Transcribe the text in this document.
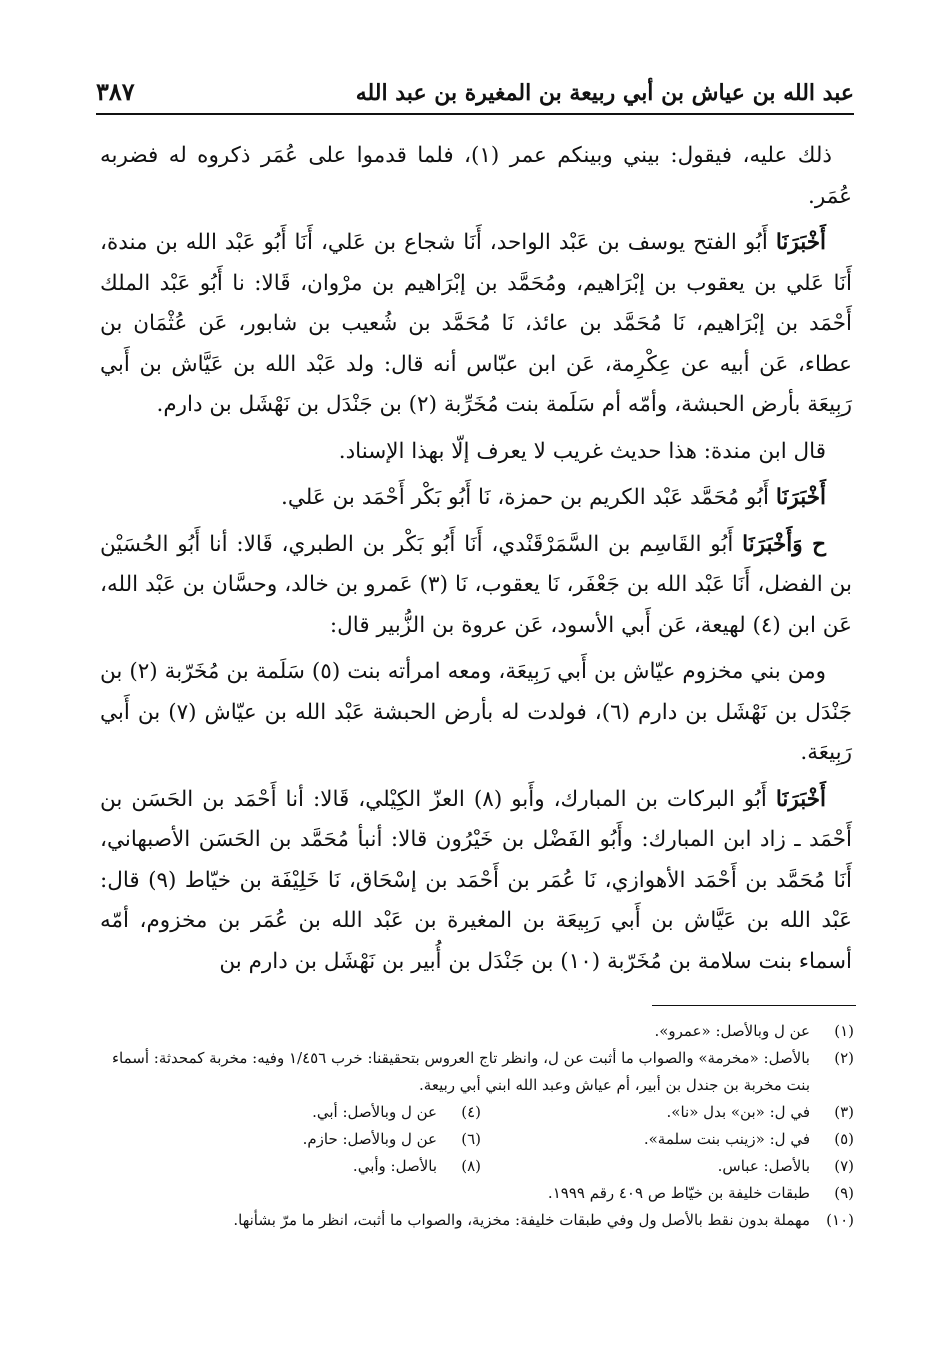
عبد الله بن عياش بن أبي ربيعة بن المغيرة بن عبد الله
٣٨٧

ذلك عليه، فيقول: بيني وبينكم عمر (١)، فلما قدموا على عُمَر ذكروه له فضربه عُمَر.

أَخْبَرَنَا أَبُو الفتح يوسف بن عَبْد الواحد، أَنَا شجاع بن عَلي، أَنَا أَبُو عَبْد الله بن مندة، أَنَا عَلي بن يعقوب بن إبْرَاهيم، ومُحَمَّد بن إبْرَاهيم بن مرْوان، قَالا: نا أَبُو عَبْد الملك أَحْمَد بن إبْرَاهيم، نَا مُحَمَّد بن عائذ، نَا مُحَمَّد بن شُعيب بن شابور، عَن عُثْمَان بن عطاء، عَن أبيه عن عِكْرِمة، عَن ابن عبّاس أنه قال: ولد عَبْد الله بن عَيَّاش بن أَبي رَبِيعَة بأرض الحبشة، وأمّه أم سَلَمة بنت مُخَرِّبة (٢) بن جَنْدَل بن نَهْشَل بن دارم.

قال ابن مندة: هذا حديث غريب لا يعرف إلّا بهذا الإسناد.

أَخْبَرَنَا أَبُو مُحَمَّد عَبْد الكريم بن حمزة، نَا أَبُو بَكْر أَحْمَد بن عَلي.

ح وَأَخْبَرَنَا أَبُو القَاسِم بن السَّمَرْقَنْدي، أَنَا أَبُو بَكْر بن الطبري، قَالا: أنا أَبُو الحُسَيْن بن الفضل، أَنَا عَبْد الله بن جَعْفَر، نَا يعقوب، نَا (٣) عَمرو بن خالد، وحسَّان بن عَبْد الله، عَن ابن (٤) لهيعة، عَن أَبي الأسود، عَن عروة بن الزُّبير قال:

ومن بني مخزوم عيّاش بن أَبي رَبِيعَة، ومعه امرأته بنت (٥) سَلَمة بن مُخَرّبة (٢) بن جَنْدَل بن نَهْشَل بن دارم (٦)، فولدت له بأرض الحبشة عَبْد الله بن عيّاش (٧) بن أَبي رَبِيعَة.

أَخْبَرَنَا أَبُو البركات بن المبارك، وأَبو (٨) العزّ الكِيْلي، قَالا: أنا أَحْمَد بن الحَسَن بن أَحْمَد ـ زاد ابن المبارك: وأَبُو الفَضْل بن خَيْرُون قالا: أنبأ مُحَمَّد بن الحَسَن الأصبهاني، أَنَا مُحَمَّد بن أَحْمَد الأهوازي، نَا عُمَر بن أَحْمَد بن إسْحَاق، نَا خَلِيْفَة بن خيّاط (٩) قال: عَبْد الله بن عَيَّاش بن أَبي رَبِيعَة بن المغيرة بن عَبْد الله بن عُمَر بن مخزوم، أمّه أسماء بنت سلامة بن مُخَرّبة (١٠) بن جَنْدَل بن أُبير بن نَهْشَل بن دارم بن

(١)
عن ل وبالأصل: «عمرو».
(٢)
بالأصل: «مخرمة» والصواب ما أثبت عن ل، وانظر تاج العروس بتحقيقنا: خرب ١/٤٥٦ وفيه: مخربة كمحدثة: أسماء بنت مخربة بن جندل بن أبير، أم عياش وعبد الله ابني أبي ربيعة.
(٣)
في ل: «بن» بدل «نا».
(٤)
عن ل وبالأصل: أبي.
(٥)
في ل: «زينب بنت سلمة».
(٦)
عن ل وبالأصل: حازم.
(٧)
بالأصل: عباس.
(٨)
بالأصل: وأبي.
(٩)
طبقات خليفة بن خيّاط ص ٤٠٩ رقم ١٩٩٩.
(١٠)
مهملة بدون نقط بالأصل ول وفي طبقات خليفة: مخزية، والصواب ما أثبت، انظر ما مرّ بشأنها.
